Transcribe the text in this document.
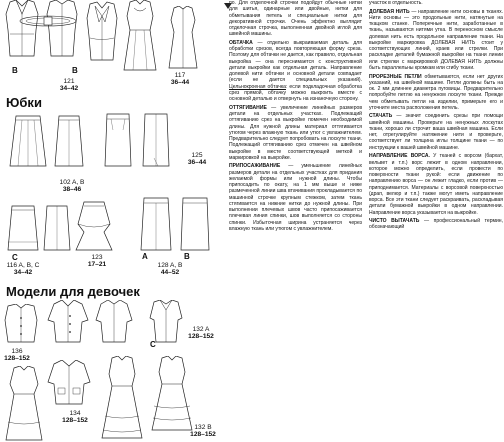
B
121
34–42
117
36–44
B
Юбки
102 A, B
38–46
125
36–44
C
116 A, B, C
34–42
123
17–21
A	B
128 A, B
44–52
Модели для девочек
136
128–152
C
132 A
128–152
134
128–152
132 B
128–152

по. Для отделочной строчки подойдут обычные нитки для шитья, одинарные или двойные, нитки для обметывания петель и специальные нитки для декоративной строчки. Очень эффектно выглядит отделочная строчка, выполненная двойной иглой для швейной машины.

ОБТАЧКА — отдельно выкраиваемая деталь для обработки срезов, всегда повторяющая форму среза. Поэтому для обтачки не дается, как правило, отдельная выкройка — она переснимается с конструктивной детали выкройки как отдельная деталь. Направление долевой нити обтачки и основной детали совпадает (если не дается специальных указаний). Цельнокроеная обтачка: если подкладочная обработка срез прямой, обтачку можно выкроить вместе с основной деталью и отвернуть на изнаночную сторону.

ОТТЯГИВАНИЕ — увеличение линейных размеров детали на отдельных участках. Подлежащий оттягиванию срез на выкройке помечен необходимой длины. Для нужной длины материал оттягивается утюгом через влажную ткань или утюг с увлажнителем. Предварительно следует попробовать на лоскуте ткани. Подлежащий оттягиванию срез отмечен на швейном выкройке в месте соответствующей меткой и маркировкой на выкройке.

ПРИПОСАЖИВАНИЕ — уменьшение линейных размеров детали на отдельных участках для придания желаемой формы или нужной длины. Чтобы припосадить по окату, на 1 мм выше и ниже размеченной линии шва втачивания прокладывается по машинной строчке крупным стежком, затем ткань стягивается на нижние нитки до нужной длины. При выполнении плечевых швов часто припосаживается плечевая линия спинки, шов выполняется со стороны спинки. Избыточная ширина устраняется через влажную ткань или утюгом с увлажнителем.

участок в отдельность.

ДОЛЕВАЯ НИТЬ — направление нити основы в тканях. Нити основы — это продольные нити, натянутые на ткацком станке. Поперечные нити, заработанные в ткань, называются нитями утка. В переносном смысле долевая нить есть продольное направление ткани. На выкройке маркировка ДОЛЕВАЯ НИТЬ стоит у соответствующих линий, краев или стрелки. При раскладке деталей бумажной выкройки на ткани линии или стрелки с маркировкой ДОЛЕВАЯ НИТЬ должны быть параллельны кромкам или сгибу ткани.

ПРОРЕЗНЫЕ ПЕТЛИ обметываются, если нет других указаний, на швейной машине. Петли должны быть на ок. 2 мм длиннее диаметра пуговицы. Предварительно попробуйте петлю на ненужном лоскуте ткани. Прежде чем обметывать петли на изделии, примерьте его и уточните места расположения петель.

СТАЧАТЬ — значит соединить срезы при помощи швейной машины. Проверьте на ненужных лоскутах ткани, хорошо ли строчит ваша швейная машина. Если нет, отрегулируйте натяжение нити и проверьте, соответствует ли толщина иглы толщине ткани — по инструкции к вашей швейной машине.

НАПРАВЛЕНИЕ ВОРСА. У тканей с ворсом (бархат, вельвет и т.п.) ворс лежит в одном направлении, которое можно определить, если провести по поверхности ткани рукой: если движение по направлению ворса — он лежит гладко, если против — приподнимается. Материалы с ворсовой поверхностью (драп, велюр и т.п.) также могут иметь направление ворса. Все эти ткани следует раскраивать, раскладывая детали бумажной выкройки в одном направлении. Направление ворса указывается на выкройке.

ЧИСТО ВЫТАЧАТЬ — профессиональный термин, обозначающий
